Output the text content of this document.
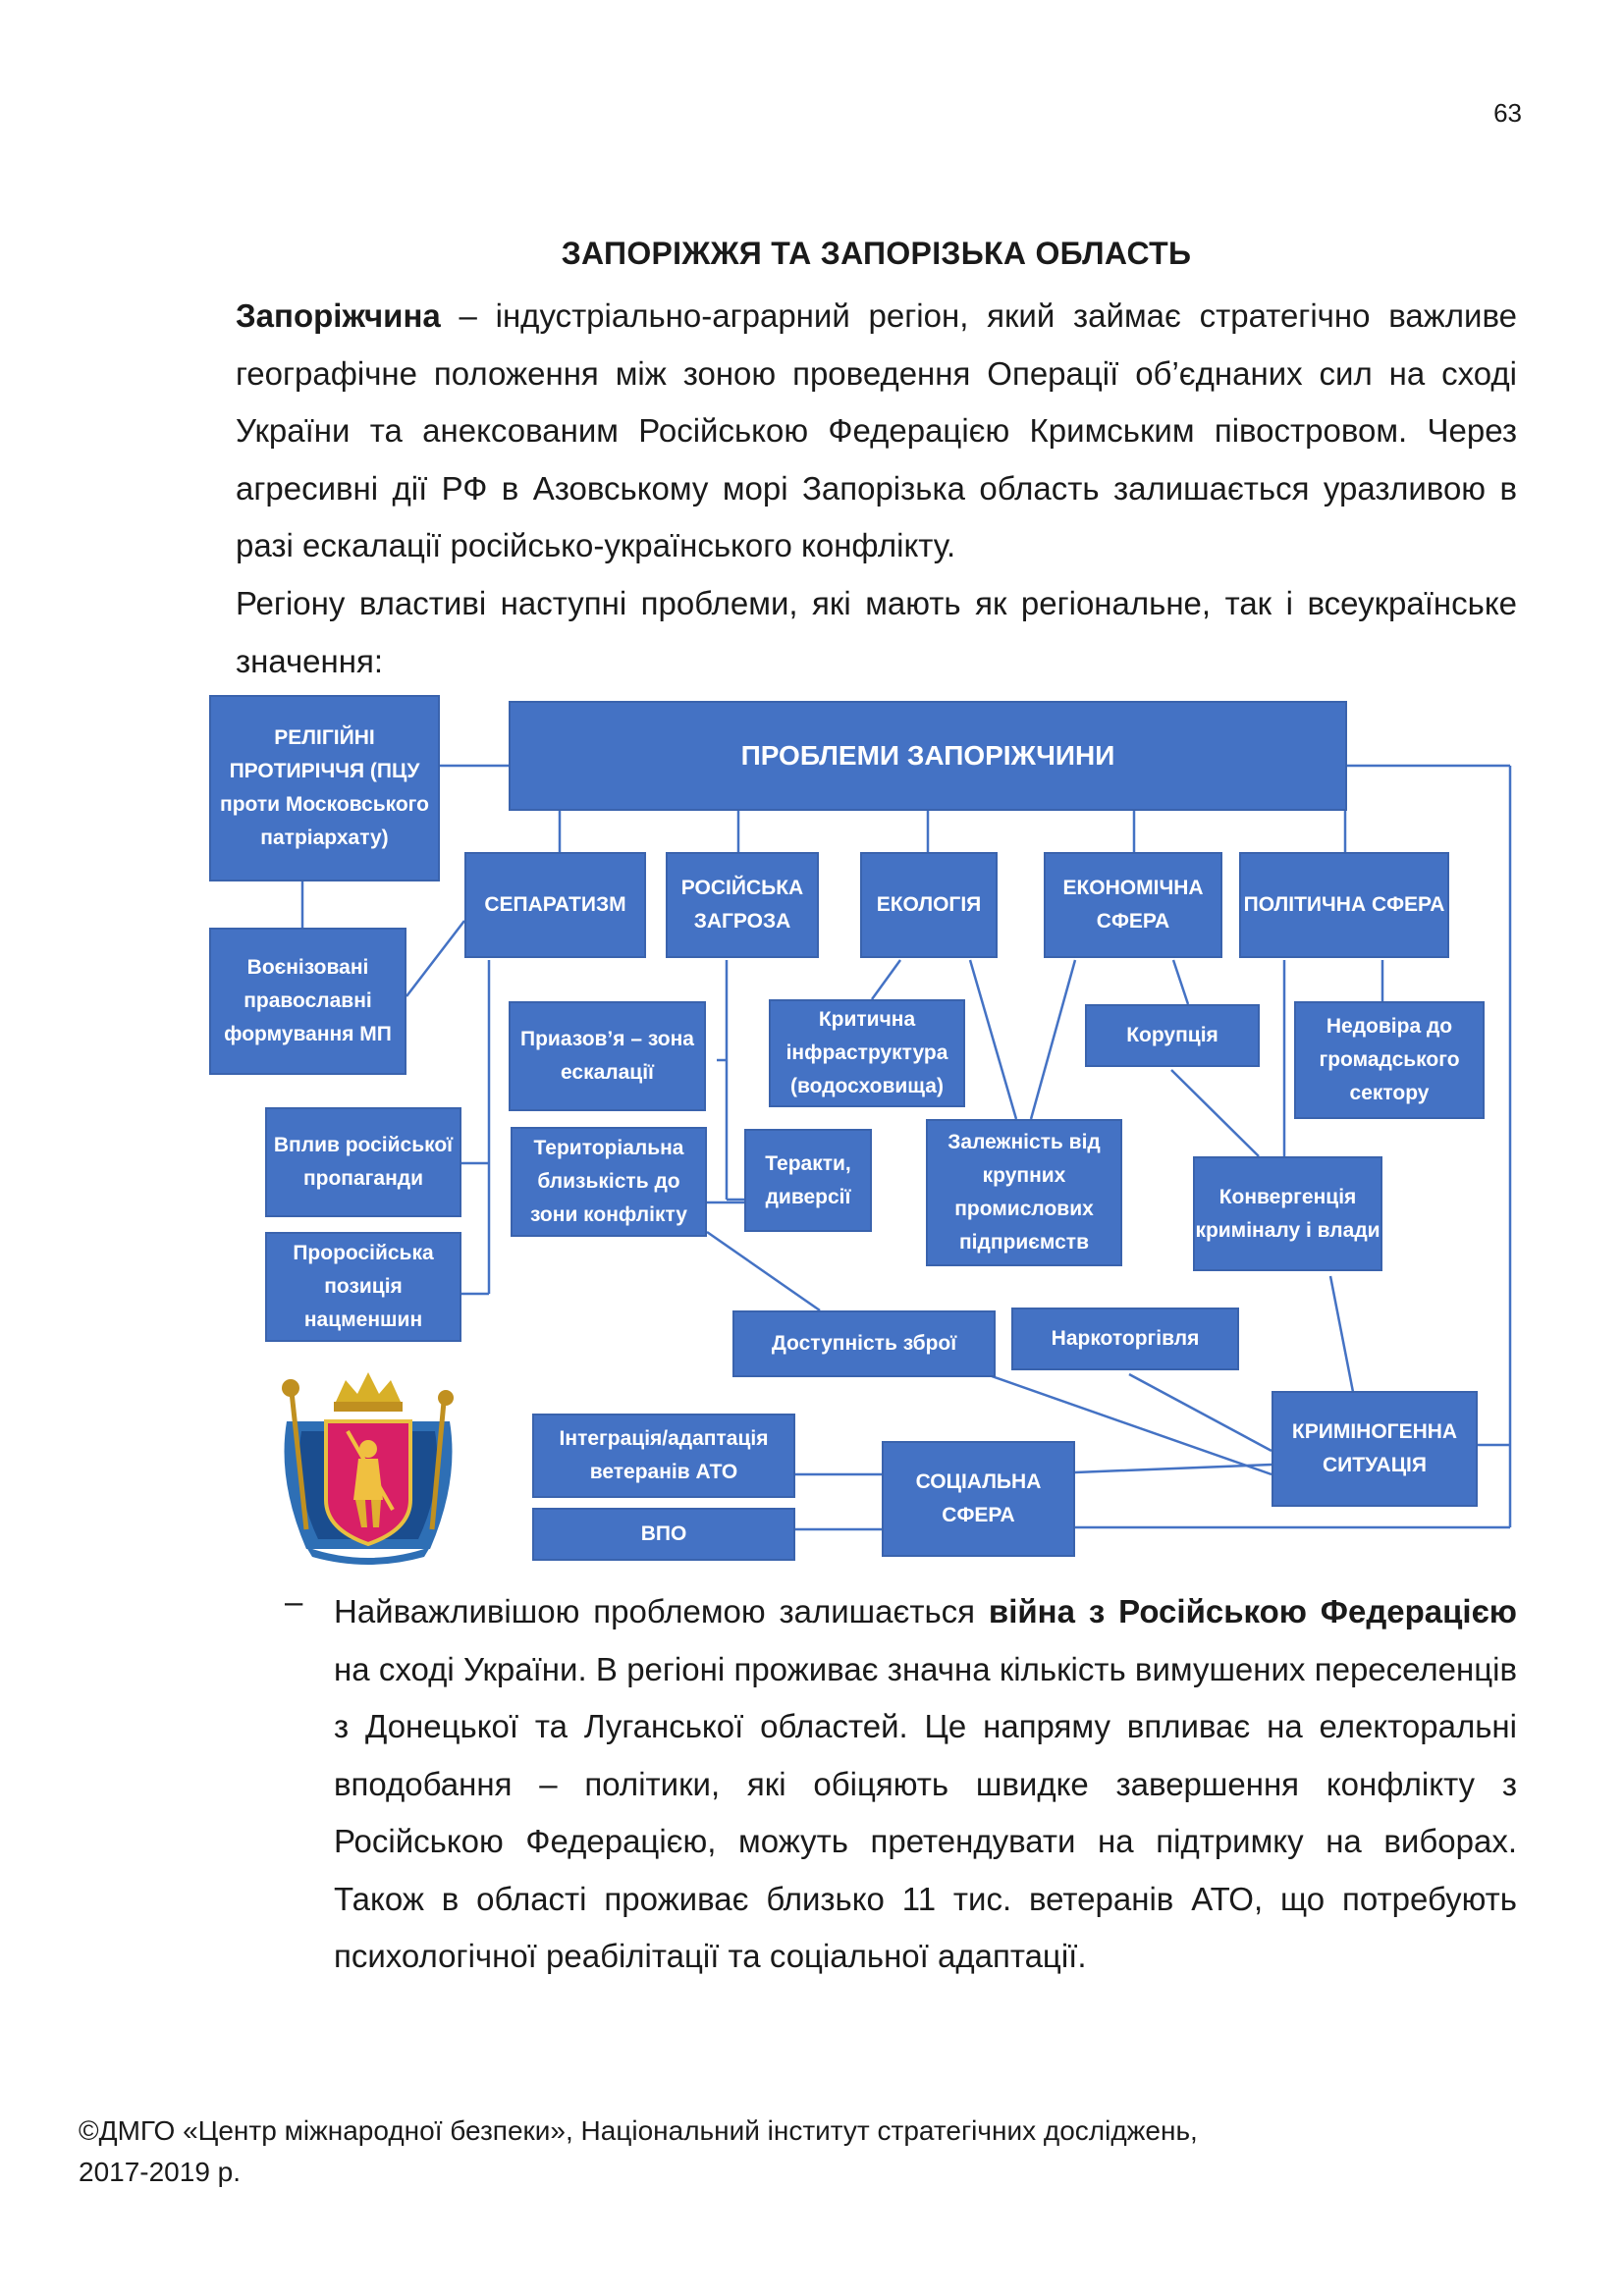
63
ЗАПОРІЖЖЯ ТА ЗАПОРІЗЬКА ОБЛАСТЬ

Запоріжчина – індустріально-аграрний регіон, який займає стратегічно важливе географічне положення між зоною проведення Операції об’єднаних сил на сході України та анексованим Російською Федерацією Кримським півостровом. Через агресивні дії РФ в Азовському морі Запорізька область залишається уразливою в разі ескалації російсько-українського конфлікту.

Регіону властиві наступні проблеми, які мають як регіональне, так і всеукраїнське значення:

ПРОБЛЕМИ ЗАПОРІЖЧИНИ
РЕЛІГІЙНІ ПРОТИРІЧЧЯ (ПЦУ проти Московського патріархату)
СЕПАРАТИЗМ
РОСІЙСЬКА ЗАГРОЗА
ЕКОЛОГІЯ
ЕКОНОМІЧНА СФЕРА
ПОЛІТИЧНА СФЕРА
Воєнізовані православні формування МП	Приазов’я – зона ескалації
Критична інфраструктура (водосховища)
Корупція	Недовіра до громадського сектору
Вплив російської пропаганди
Територіальна близькість до зони конфлікту
Теракти, диверсії
Залежність від крупних промислових підприємств
Конвергенція криміналу і влади
Проросійська позиція нацменшин
Доступність зброї	Наркоторгівля
Інтеграція/адаптація ветеранів АТО	СОЦІАЛЬНА СФЕРА
КРИМІНОГЕННА СИТУАЦІЯ
ВПО
– Найважливішою проблемою залишається війна з Російською Федерацією на сході України. В регіоні проживає значна кількість вимушених переселенців з Донецької та Луганської областей. Це напряму впливає на електоральні вподобання – політики, які обіцяють швидке завершення конфлікту з Російською Федерацією, можуть претендувати на підтримку на виборах. Також в області проживає близько 11 тис. ветеранів АТО, що потребують психологічної реабілітації та соціальної адаптації.

©ДМГО «Центр міжнародної безпеки», Національний інститут стратегічних досліджень,
2017-2019 р.
